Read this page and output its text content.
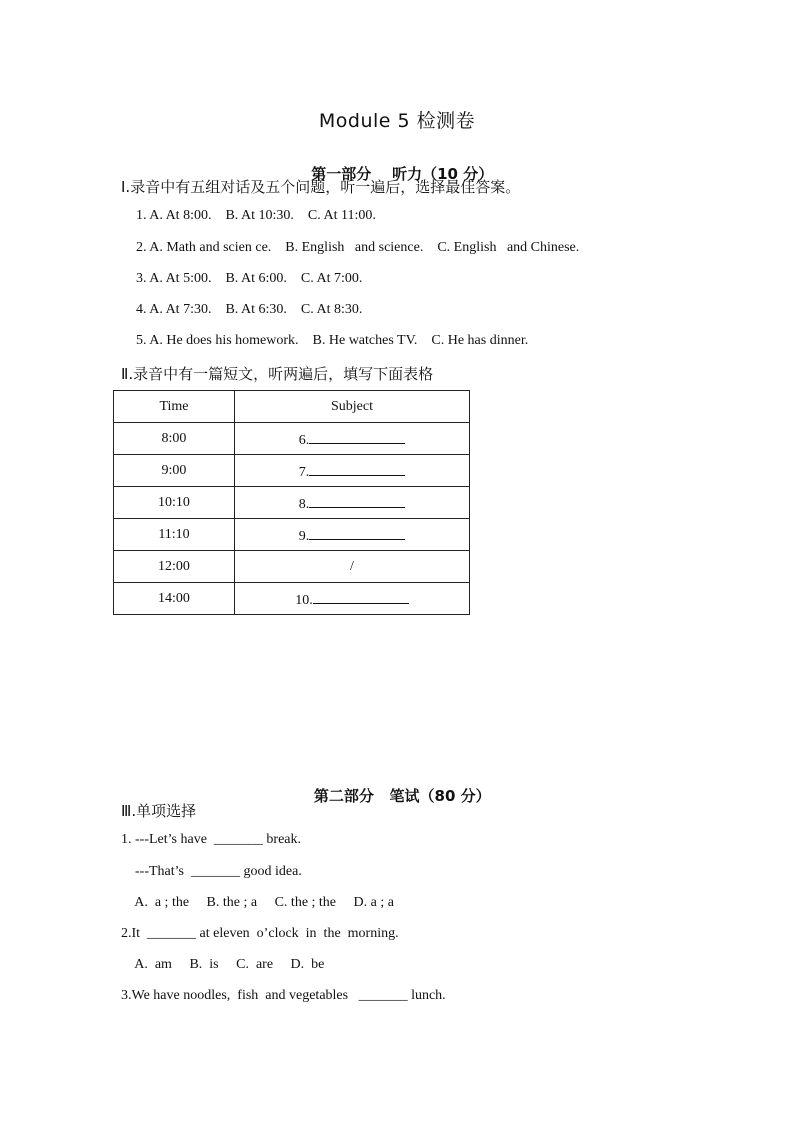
Module 5 检测卷

第一部分 听力（10 分）

Ⅰ.录音中有五组对话及五个问题，听一遍后，选择最佳答案。
1. A. At 8:00.    B. At 10:30.    C. At 11:00.
2. A. Math and scien ce.    B. English   and science.    C. English   and Chinese.
3. A. At 5:00.    B. At 6:00.    C. At 7:00.
4. A. At 7:30.    B. At 6:30.    C. At 8:30.
5. A. He does his homework.    B. He watches TV.    C. He has dinner.
Ⅱ.录音中有一篇短文，听两遍后，填写下面表格
Time	Subject
8:00	6.
9:00	7.
10:10	8.
11:10	9.
12:00	/
14:00	10.

第二部分 笔试（80 分）

Ⅲ.单项选择
1. ---Let’s have  _______ break.
---That’s  _______ good idea.
A.  a ; the     B. the ; a     C. the ; the     D. a ; a
2.It  _______ at eleven  o’clock  in  the  morning.
A.  am     B.  is     C.  are     D.  be
3.We have noodles,  fish  and vegetables   _______ lunch.
